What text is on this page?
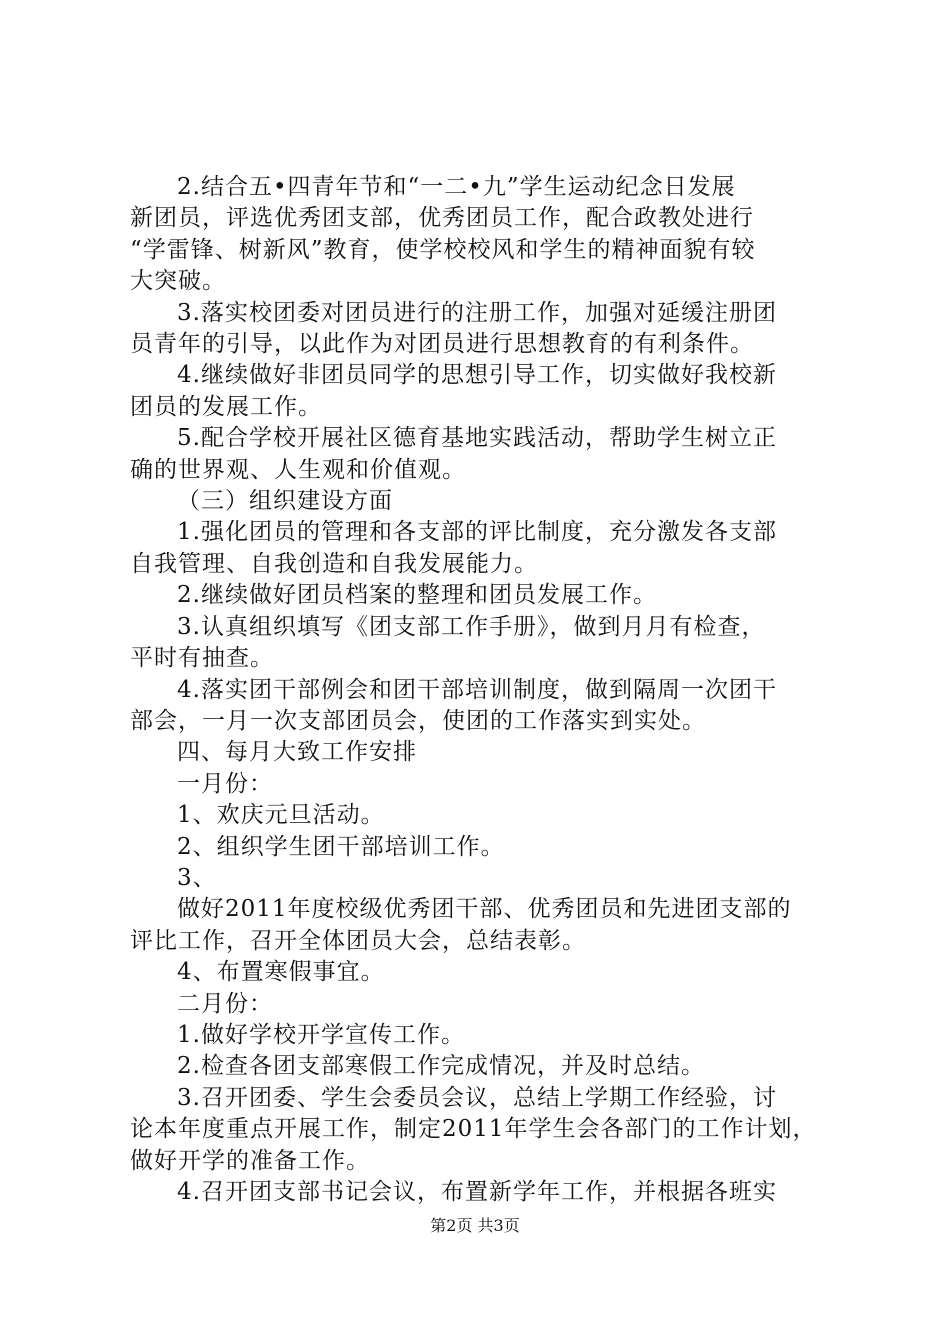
2.结合五•四青年节和“一二•九”学生运动纪念日发展

新团员，评选优秀团支部，优秀团员工作，配合政教处进行

“学雷锋、树新风”教育，使学校校风和学生的精神面貌有较

大突破。

3.落实校团委对团员进行的注册工作，加强对延缓注册团

员青年的引导，以此作为对团员进行思想教育的有利条件。

4.继续做好非团员同学的思想引导工作，切实做好我校新

团员的发展工作。

5.配合学校开展社区德育基地实践活动，帮助学生树立正

确的世界观、人生观和价值观。

（三）组织建设方面

1.强化团员的管理和各支部的评比制度，充分激发各支部

自我管理、自我创造和自我发展能力。

2.继续做好团员档案的整理和团员发展工作。

3.认真组织填写《团支部工作手册》，做到月月有检查，

平时有抽查。

4.落实团干部例会和团干部培训制度，做到隔周一次团干

部会，一月一次支部团员会，使团的工作落实到实处。

四、每月大致工作安排

一月份：

1、欢庆元旦活动。

2、组织学生团干部培训工作。

3、

做好2011年度校级优秀团干部、优秀团员和先进团支部的

评比工作，召开全体团员大会，总结表彰。

4、布置寒假事宜。

二月份：

1.做好学校开学宣传工作。

2.检查各团支部寒假工作完成情况，并及时总结。

3.召开团委、学生会委员会议，总结上学期工作经验，讨

论本年度重点开展工作，制定2011年学生会各部门的工作计划，

做好开学的准备工作。

4.召开团支部书记会议，布置新学年工作，并根据各班实

第2页 共3页
